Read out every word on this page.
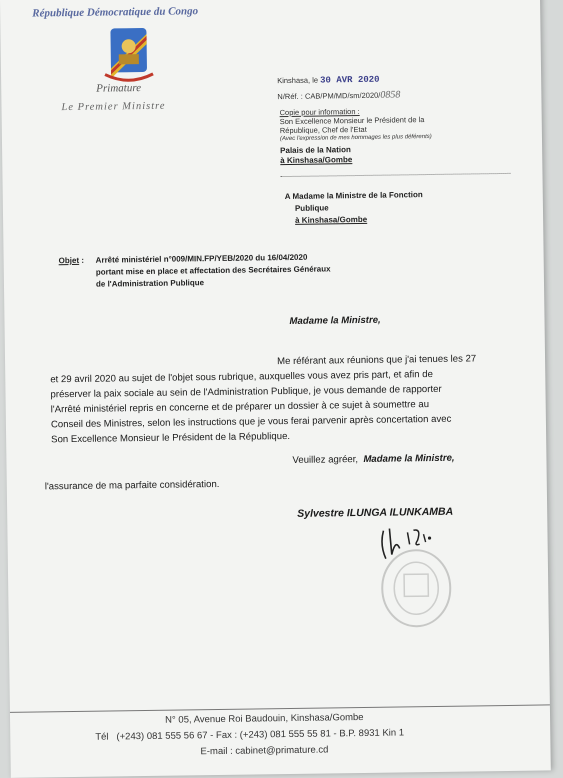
République Démocratique du Congo

Primature

Le Premier Ministre

Kinshasa, le 30 AVR 2020

N/Réf. : CAB/PM/MD/sm/2020/0858

Copie pour information :

Son Excellence Monsieur le Président de la

République, Chef de l'Etat

(Avec l'expression de mes hommages les plus déférents)

Palais de la Nation

à Kinshasa/Gombe

A Madame la Ministre de la Fonction

Publique

à Kinshasa/Gombe

Objet : Arrêté ministériel n°009/MIN.FP/YEB/2020 du 16/04/2020

portant mise en place et affectation des Secrétaires Généraux

de l'Administration Publique

Madame la Ministre,

Me référant aux réunions que j'ai tenues les 27

et 29 avril 2020 au sujet de l'objet sous rubrique, auxquelles vous avez pris part, et afin de

préserver la paix sociale au sein de l'Administration Publique, je vous demande de rapporter

l'Arrêté ministériel repris en concerne et de préparer un dossier à ce sujet à soumettre au

Conseil des Ministres, selon les instructions que je vous ferai parvenir après concertation avec

Son Excellence Monsieur le Président de la République.

Veuillez agréer, Madame la Ministre,

l'assurance de ma parfaite considération.

Sylvestre ILUNGA ILUNKAMBA

N° 05, Avenue Roi Baudouin, Kinshasa/Gombe

Tél (+243) 081 555 56 67 - Fax : (+243) 081 555 55 81 - B.P. 8931 Kin 1

E-mail : cabinet@primature.cd
